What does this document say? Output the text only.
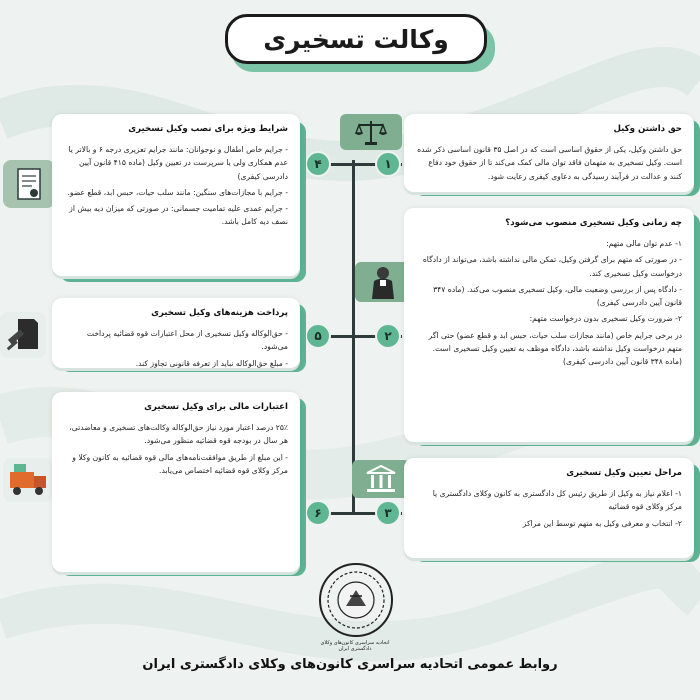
وکالت تسخیری
۱
۴
۲
۵
۳
۶
حق داشتن وکیل

حق داشتن وکیل، یکی از حقوق اساسی است که در اصل ۳۵ قانون اساسی ذکر شده است. وکیل تسخیری به متهمان فاقد توان مالی کمک می‌کند تا از حقوق خود دفاع کنند و عدالت در فرآیند رسیدگی به دعاوی کیفری رعایت شود.

چه زمانی وکیل تسخیری منصوب می‌شود؟

۱- عدم توان مالی متهم:

- در صورتی که متهم برای گرفتن وکیل، تمکن مالی نداشته باشد، می‌تواند از دادگاه درخواست وکیل تسخیری کند.

- دادگاه پس از بررسی وضعیت مالی، وکیل تسخیری منصوب می‌کند. (ماده ۳۴۷ قانون آیین دادرسی کیفری)

۲- ضرورت وکیل تسخیری بدون درخواست متهم:

در برخی جرایم خاص (مانند مجازات سلب حیات، حبس ابد و قطع عضو) حتی اگر متهم درخواست وکیل نداشته باشد، دادگاه موظف به تعیین وکیل تسخیری است. (ماده ۳۴۸ قانون آیین دادرسی کیفری)

مراحل تعیین وکیل تسخیری

۱- اعلام نیاز به وکیل از طریق رئیس کل دادگستری به کانون وکلای دادگستری یا مرکز وکلای قوه قضائیه

۲- انتخاب و معرفی وکیل به متهم توسط این مراکز

شرایط ویژه برای نصب وکیل تسخیری

- جرایم خاص اطفال و نوجوانان: مانند جرایم تعزیری درجه ۶ و بالاتر یا عدم همکاری ولی یا سرپرست در تعیین وکیل (ماده ۴۱۵ قانون آیین دادرسی کیفری)

- جرایم با مجازات‌های سنگین: مانند سلب حیات، حبس ابد، قطع عضو.

- جرایم عمدی علیه تمامیت جسمانی: در صورتی که میزان دیه بیش از نصف دیه کامل باشد.

پرداخت هزینه‌های وکیل تسخیری

- حق‌الوکاله وکیل تسخیری از محل اعتبارات قوه قضائیه پرداخت می‌شود.

- مبلغ حق‌الوکاله نباید از تعرفه قانونی تجاوز کند.

اعتبارات مالی برای وکیل تسخیری

۲۵٪ درصد اعتبار مورد نیاز حق‌الوکاله وکالت‌های تسخیری و معاضدتی، هر سال در بودجه قوه قضائیه منظور می‌شود.

- این مبلغ از طریق موافقت‌نامه‌های مالی قوه قضائیه به کانون وکلا و مرکز وکلای قوه قضائیه اختصاص می‌یابد.

اتحادیه سراسری کانون‌های وکلای دادگستری ایران
روابط عمومی اتحادیه سراسری کانون‌های وکلای دادگستری ایران
